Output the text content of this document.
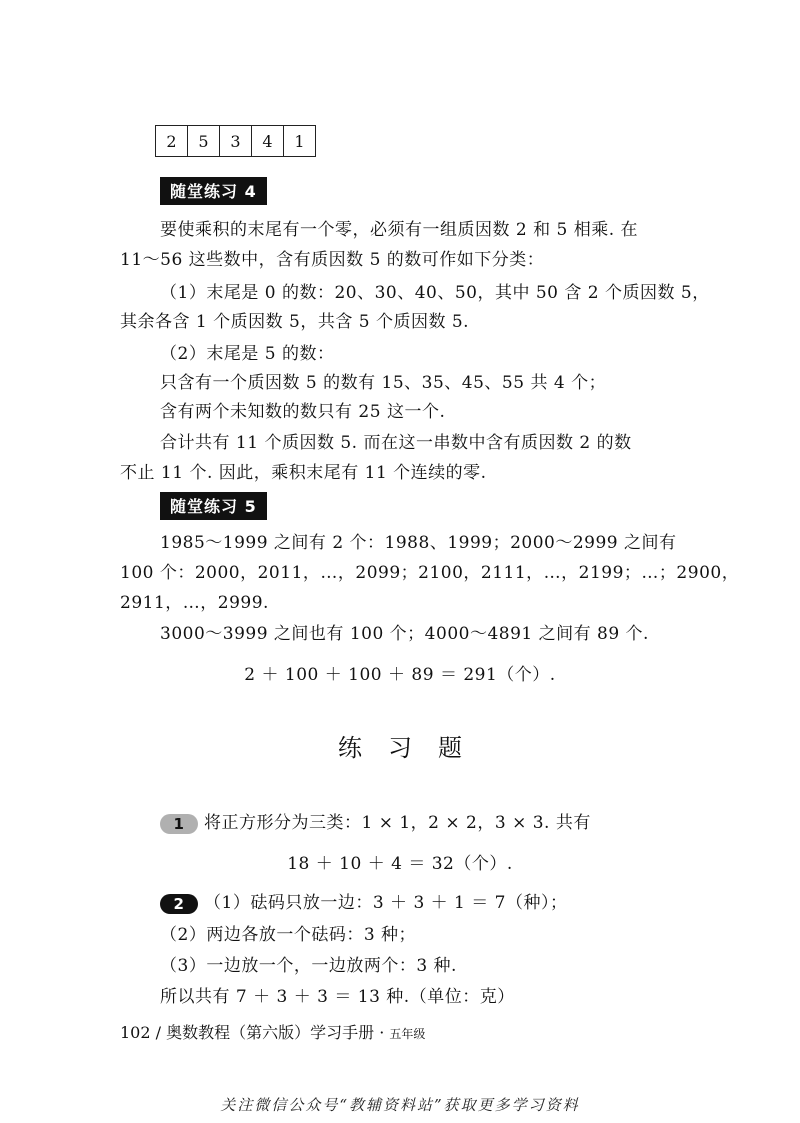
2	5	3	4	1
随堂练习 4
要使乘积的末尾有一个零，必须有一组质因数 2 和 5 相乘. 在
11～56 这些数中，含有质因数 5 的数可作如下分类：
（1）末尾是 0 的数：20、30、40、50，其中 50 含 2 个质因数 5，
其余各含 1 个质因数 5，共含 5 个质因数 5.
（2）末尾是 5 的数：
只含有一个质因数 5 的数有 15、35、45、55 共 4 个；
含有两个未知数的数只有 25 这一个.
合计共有 11 个质因数 5. 而在这一串数中含有质因数 2 的数
不止 11 个. 因此，乘积末尾有 11 个连续的零.
随堂练习 5
1985～1999 之间有 2 个：1988、1999；2000～2999 之间有
100 个：2000，2011，…，2099；2100，2111，…，2199；…；2900，
2911，…，2999.
3000～3999 之间也有 100 个；4000～4891 之间有 89 个.
2 ＋ 100 ＋ 100 ＋ 89 ＝ 291（个）.
练习题
1 将正方形分为三类：1 × 1，2 × 2，3 × 3. 共有
18 ＋ 10 ＋ 4 ＝ 32（个）.
2 （1）砝码只放一边：3 ＋ 3 ＋ 1 ＝ 7（种）；
（2）两边各放一个砝码：3 种；
（3）一边放一个，一边放两个：3 种.
所以共有 7 ＋ 3 ＋ 3 ＝ 13 种.（单位：克）
102 / 奥数教程（第六版）学习手册 · 五年级
关注微信公众号“教辅资料站”获取更多学习资料
